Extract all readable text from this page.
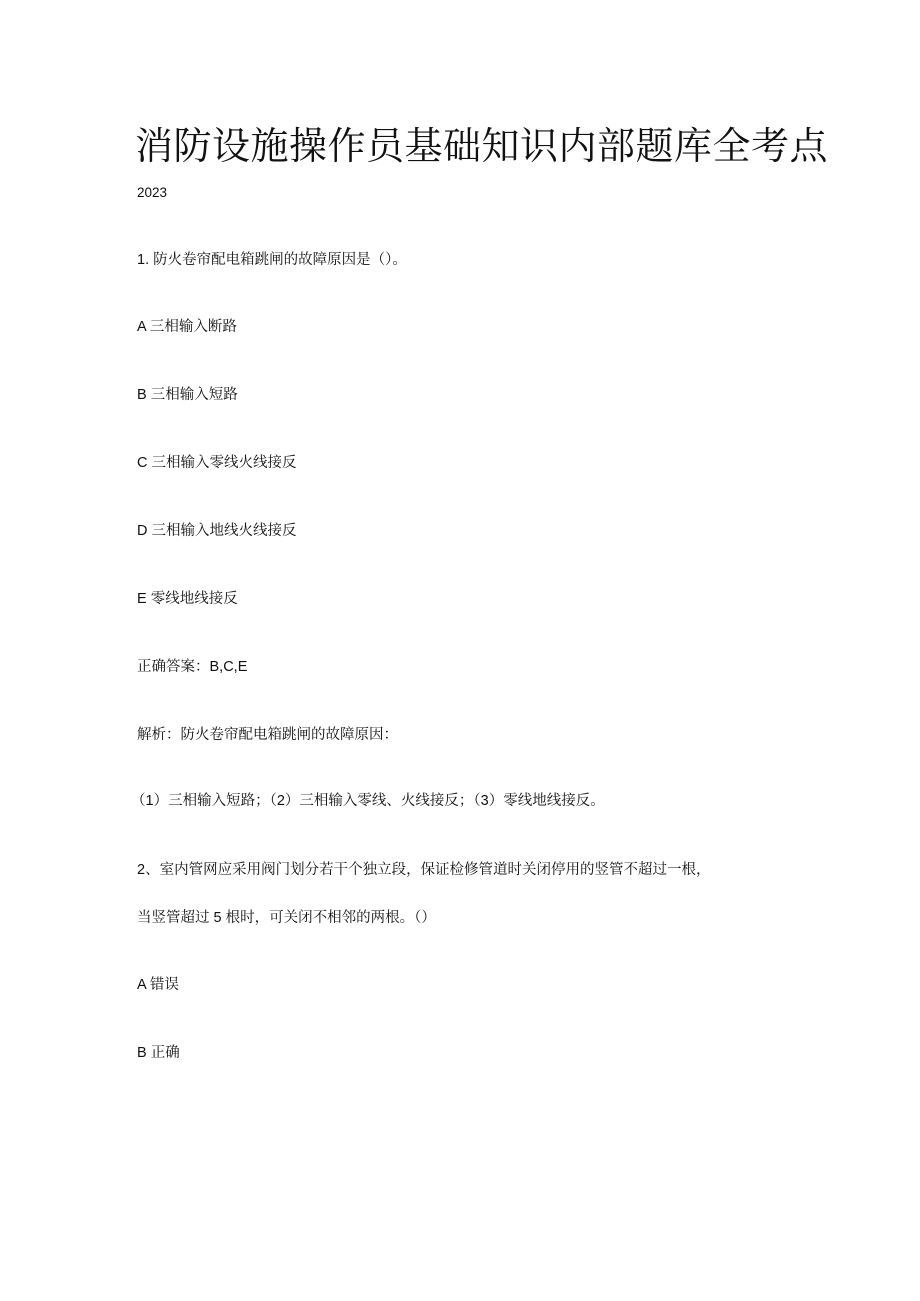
消防设施操作员基础知识内部题库全考点

2023

1. 防火卷帘配电箱跳闸的故障原因是（）。

A 三相输入断路

B 三相输入短路

C 三相输入零线火线接反

D 三相输入地线火线接反

E 零线地线接反

正确答案：B,C,E

解析：防火卷帘配电箱跳闸的故障原因：

（1）三相输入短路；（2）三相输入零线、火线接反；（3）零线地线接反。

2、室内管网应采用阀门划分若干个独立段，保证检修管道时关闭停用的竖管不超过一根，

当竖管超过 5 根时，可关闭不相邻的两根。（）

A 错误

B 正确
